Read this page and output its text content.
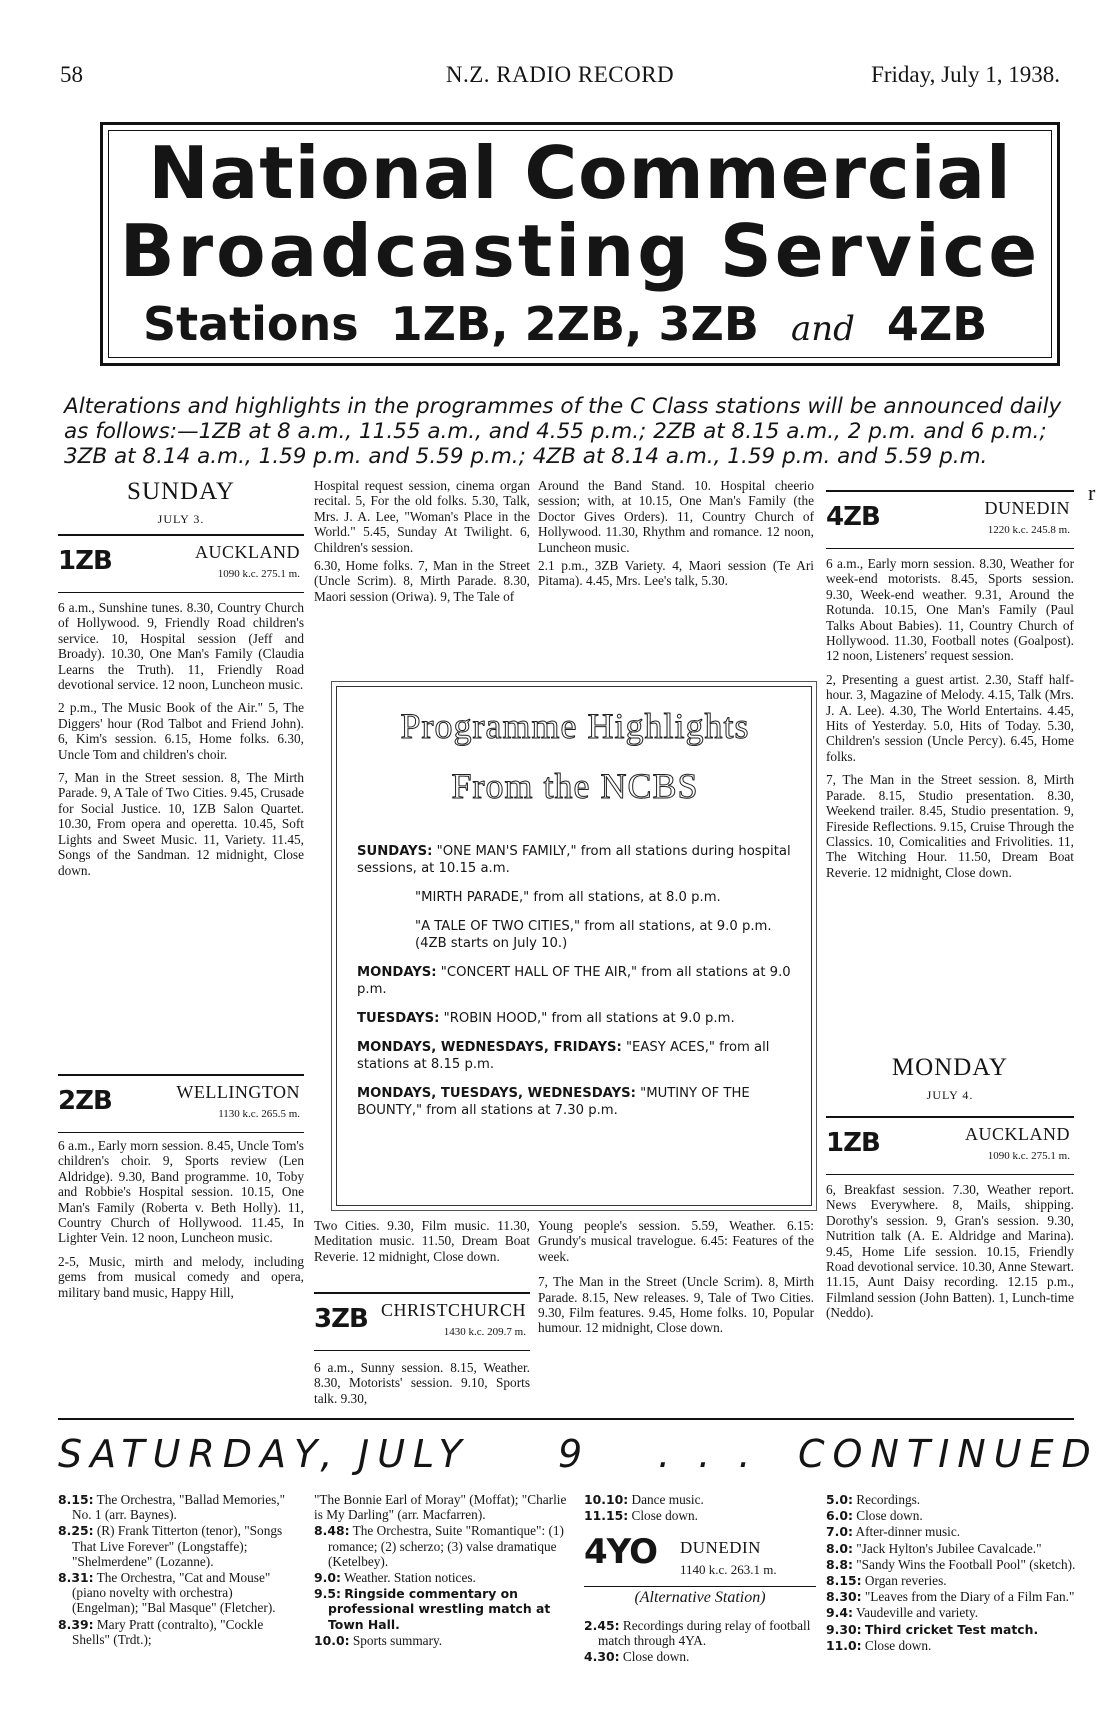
58	N.Z. RADIO RECORD	Friday, July 1, 1938.
National Commercial
Broadcasting Service
Stations 1ZB, 2ZB, 3ZB and 4ZB
Alterations and highlights in the programmes of the C Class stations will be announced daily as follows:—1ZB at 8 a.m., 11.55 a.m., and 4.55 p.m.; 2ZB at 8.15 a.m., 2 p.m. and 6 p.m.; 3ZB at 8.14 a.m., 1.59 p.m. and 5.59 p.m.; 4ZB at 8.14 a.m., 1.59 p.m. and 5.59 p.m.
SUNDAY
JULY 3.
1ZB	AUCKLAND
1090 k.c. 275.1 m.
6 a.m., Sunshine tunes. 8.30, Country Church of Hollywood. 9, Friendly Road children's service. 10, Hospital session (Jeff and Broady). 10.30, One Man's Family (Claudia Learns the Truth). 11, Friendly Road devotional service. 12 noon, Luncheon music.
2 p.m., The Music Book of the Air." 5, The Diggers' hour (Rod Talbot and Friend John). 6, Kim's session. 6.15, Home folks. 6.30, Uncle Tom and children's choir.
7, Man in the Street session. 8, The Mirth Parade. 9, A Tale of Two Cities. 9.45, Crusade for Social Justice. 10, 1ZB Salon Quartet. 10.30, From opera and operetta. 10.45, Soft Lights and Sweet Music. 11, Variety. 11.45, Songs of the Sandman. 12 midnight, Close down.
2ZB	WELLINGTON
1130 k.c. 265.5 m.
6 a.m., Early morn session. 8.45, Uncle Tom's children's choir. 9, Sports review (Len Aldridge). 9.30, Band programme. 10, Toby and Robbie's Hospital session. 10.15, One Man's Family (Roberta v. Beth Holly). 11, Country Church of Hollywood. 11.45, In Lighter Vein. 12 noon, Luncheon music.
2-5, Music, mirth and melody, including gems from musical comedy and opera, military band music, Happy Hill,
Hospital request session, cinema organ recital. 5, For the old folks. 5.30, Talk, Mrs. J. A. Lee, "Woman's Place in the World." 5.45, Sunday At Twilight. 6, Children's session.
6.30, Home folks. 7, Man in the Street (Uncle Scrim). 8, Mirth Parade. 8.30, Maori session (Oriwa). 9, The Tale of
Around the Band Stand. 10. Hospital cheerio session; with, at 10.15, One Man's Family (the Doctor Gives Orders). 11, Country Church of Hollywood. 11.30, Rhythm and romance. 12 noon, Luncheon music.
2.1 p.m., 3ZB Variety. 4, Maori session (Te Ari Pitama). 4.45, Mrs. Lee's talk, 5.30.
Programme Highlights
From the NCBS
SUNDAYS: "ONE MAN'S FAMILY," from all stations during hospital sessions, at 10.15 a.m.
"MIRTH PARADE," from all stations, at 8.0 p.m.
"A TALE OF TWO CITIES," from all stations, at 9.0 p.m. (4ZB starts on July 10.)
MONDAYS: "CONCERT HALL OF THE AIR," from all stations at 9.0 p.m.
TUESDAYS: "ROBIN HOOD," from all stations at 9.0 p.m.
MONDAYS, WEDNESDAYS, FRIDAYS: "EASY ACES," from all stations at 8.15 p.m.
MONDAYS, TUESDAYS, WEDNESDAYS: "MUTINY OF THE BOUNTY," from all stations at 7.30 p.m.
Two Cities. 9.30, Film music. 11.30, Meditation music. 11.50, Dream Boat Reverie. 12 midnight, Close down.
3ZB CHRISTCHURCH
1430 k.c. 209.7 m.
6 a.m., Sunny session. 8.15, Weather. 8.30, Motorists' session. 9.10, Sports talk. 9.30,
Young people's session. 5.59, Weather. 6.15: Grundy's musical travelogue. 6.45: Features of the week.
7, The Man in the Street (Uncle Scrim). 8, Mirth Parade. 8.15, New releases. 9, Tale of Two Cities. 9.30, Film features. 9.45, Home folks. 10, Popular humour. 12 midnight, Close down.
4ZB	DUNEDIN
1220 k.c. 245.8 m.
6 a.m., Early morn session. 8.30, Weather for week-end motorists. 8.45, Sports session. 9.30, Week-end weather. 9.31, Around the Rotunda. 10.15, One Man's Family (Paul Talks About Babies). 11, Country Church of Hollywood. 11.30, Football notes (Goalpost). 12 noon, Listeners' request session.
2, Presenting a guest artist. 2.30, Staff half-hour. 3, Magazine of Melody. 4.15, Talk (Mrs. J. A. Lee). 4.30, The World Entertains. 4.45, Hits of Yesterday. 5.0, Hits of Today. 5.30, Children's session (Uncle Percy). 6.45, Home folks.
7, The Man in the Street session. 8, Mirth Parade. 8.15, Studio presentation. 8.30, Weekend trailer. 8.45, Studio presentation. 9, Fireside Reflections. 9.15, Cruise Through the Classics. 10, Comicalities and Frivolities. 11, The Witching Hour. 11.50, Dream Boat Reverie. 12 midnight, Close down.
MONDAY
JULY 4.
1ZB	AUCKLAND
1090 k.c. 275.1 m.
6, Breakfast session. 7.30, Weather report. News Everywhere. 8, Mails, shipping. Dorothy's session. 9, Gran's session. 9.30, Nutrition talk (A. E. Aldridge and Marina). 9.45, Home Life session. 10.15, Friendly Road devotional service. 10.30, Anne Stewart. 11.15, Aunt Daisy recording. 12.15 p.m., Filmland session (John Batten). 1, Lunch-time (Neddo).
r
SATURDAY, JULY 9 . . . CONTINUED

8.15: The Orchestra, "Ballad Memories," No. 1 (arr. Baynes).

8.25: (R) Frank Titterton (tenor), "Songs That Live Forever" (Longstaffe); "Shelmerdene" (Lozanne).

8.31: The Orchestra, "Cat and Mouse" (piano novelty with orchestra) (Engelman); "Bal Masque" (Fletcher).

8.39: Mary Pratt (contralto), "Cockle Shells" (Trdt.);

"The Bonnie Earl of Moray" (Moffat); "Charlie is My Darling" (arr. Macfarren).

8.48: The Orchestra, Suite "Romantique": (1) romance; (2) scherzo; (3) valse dramatique (Ketelbey).

9.0: Weather. Station notices.

9.5: Ringside commentary on professional wrestling match at Town Hall.

10.0: Sports summary.

10.10: Dance music.

11.15: Close down.

4YO DUNEDIN
1140 k.c. 263.1 m.
(Alternative Station)

2.45: Recordings during relay of football match through 4YA.

4.30: Close down.

5.0: Recordings.

6.0: Close down.

7.0: After-dinner music.

8.0: "Jack Hylton's Jubilee Cavalcade."

8.8: "Sandy Wins the Football Pool" (sketch).

8.15: Organ reveries.

8.30: "Leaves from the Diary of a Film Fan."

9.4: Vaudeville and variety.

9.30: Third cricket Test match.

11.0: Close down.
